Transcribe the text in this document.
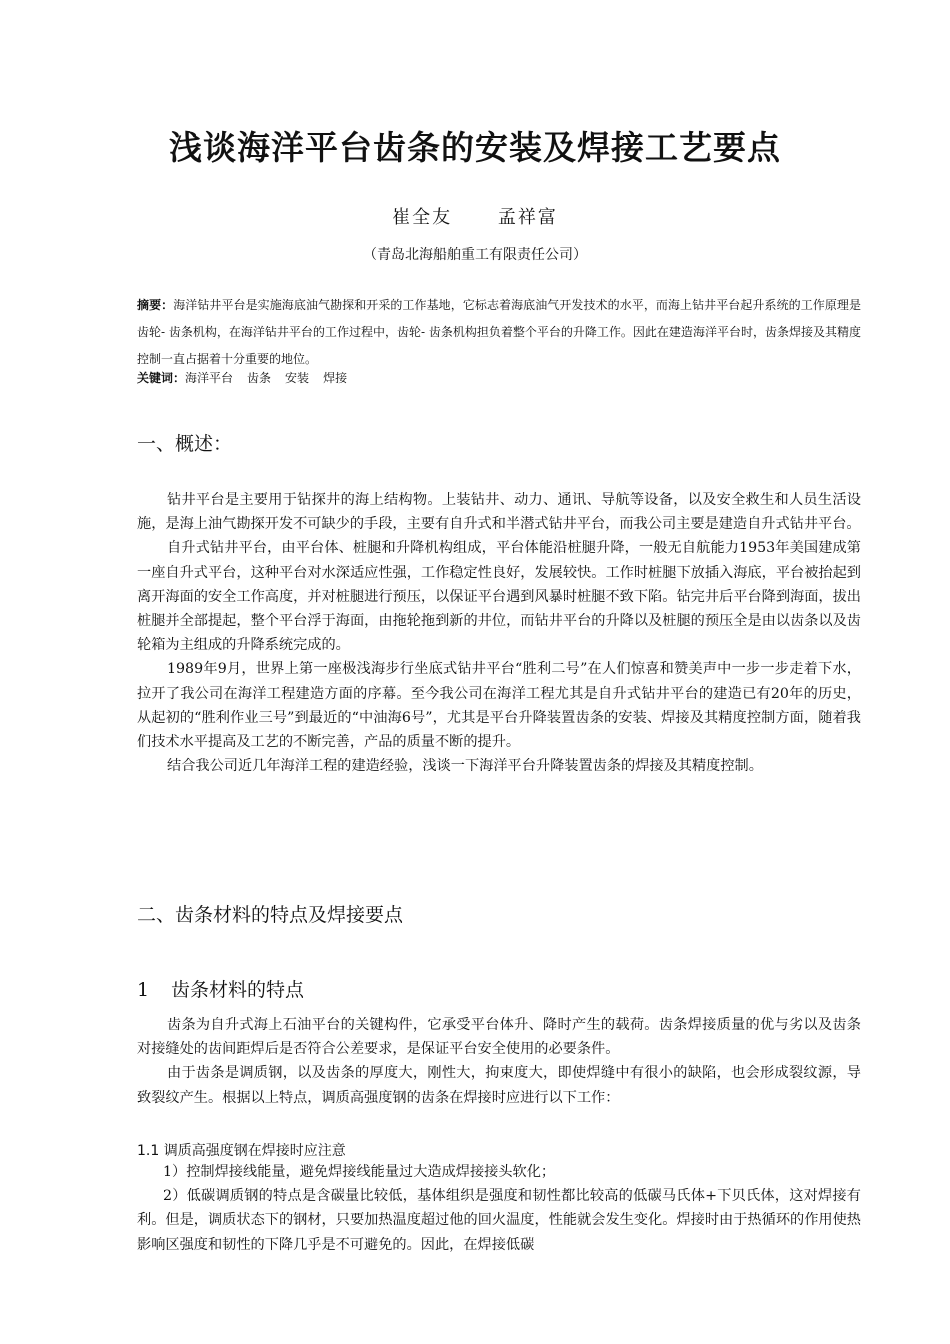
浅谈海洋平台齿条的安装及焊接工艺要点
崔全友	孟祥富
（青岛北海船舶重工有限责任公司）
摘要：海洋钻井平台是实施海底油气勘探和开采的工作基地，它标志着海底油气开发技术的水平，而海上钻井平台起升系统的工作原理是齿轮- 齿条机构，在海洋钻井平台的工作过程中，齿轮- 齿条机构担负着整个平台的升降工作。因此在建造海洋平台时，齿条焊接及其精度控制一直占据着十分重要的地位。
关键词：海洋平台 齿条 安装 焊接
一、概述：

钻井平台是主要用于钻探井的海上结构物。上装钻井、动力、通讯、导航等设备，以及安全救生和人员生活设施，是海上油气勘探开发不可缺少的手段，主要有自升式和半潜式钻井平台，而我公司主要是建造自升式钻井平台。

自升式钻井平台，由平台体、桩腿和升降机构组成，平台体能沿桩腿升降，一般无自航能力1953年美国建成第一座自升式平台，这种平台对水深适应性强，工作稳定性良好，发展较快。工作时桩腿下放插入海底，平台被抬起到离开海面的安全工作高度，并对桩腿进行预压，以保证平台遇到风暴时桩腿不致下陷。钻完井后平台降到海面，拔出桩腿并全部提起，整个平台浮于海面，由拖轮拖到新的井位，而钻井平台的升降以及桩腿的预压全是由以齿条以及齿轮箱为主组成的升降系统完成的。

1989年9月，世界上第一座极浅海步行坐底式钻井平台“胜利二号”在人们惊喜和赞美声中一步一步走着下水，拉开了我公司在海洋工程建造方面的序幕。至今我公司在海洋工程尤其是自升式钻井平台的建造已有20年的历史，从起初的“胜利作业三号”到最近的“中油海6号”，尤其是平台升降装置齿条的安装、焊接及其精度控制方面，随着我们技术水平提高及工艺的不断完善，产品的质量不断的提升。

结合我公司近几年海洋工程的建造经验，浅谈一下海洋平台升降装置齿条的焊接及其精度控制。

二、齿条材料的特点及焊接要点
1 齿条材料的特点

齿条为自升式海上石油平台的关键构件，它承受平台体升、降时产生的载荷。齿条焊接质量的优与劣以及齿条对接缝处的齿间距焊后是否符合公差要求，是保证平台安全使用的必要条件。

由于齿条是调质钢，以及齿条的厚度大，刚性大，拘束度大，即使焊缝中有很小的缺陷，也会形成裂纹源，导致裂纹产生。根据以上特点，调质高强度钢的齿条在焊接时应进行以下工作：

1.1 调质高强度钢在焊接时应注意

1）控制焊接线能量，避免焊接线能量过大造成焊接接头软化；

2）低碳调质钢的特点是含碳量比较低，基体组织是强度和韧性都比较高的低碳马氏体+下贝氏体，这对焊接有利。但是，调质状态下的钢材，只要加热温度超过他的回火温度，性能就会发生变化。焊接时由于热循环的作用使热影响区强度和韧性的下降几乎是不可避免的。因此，在焊接低碳
